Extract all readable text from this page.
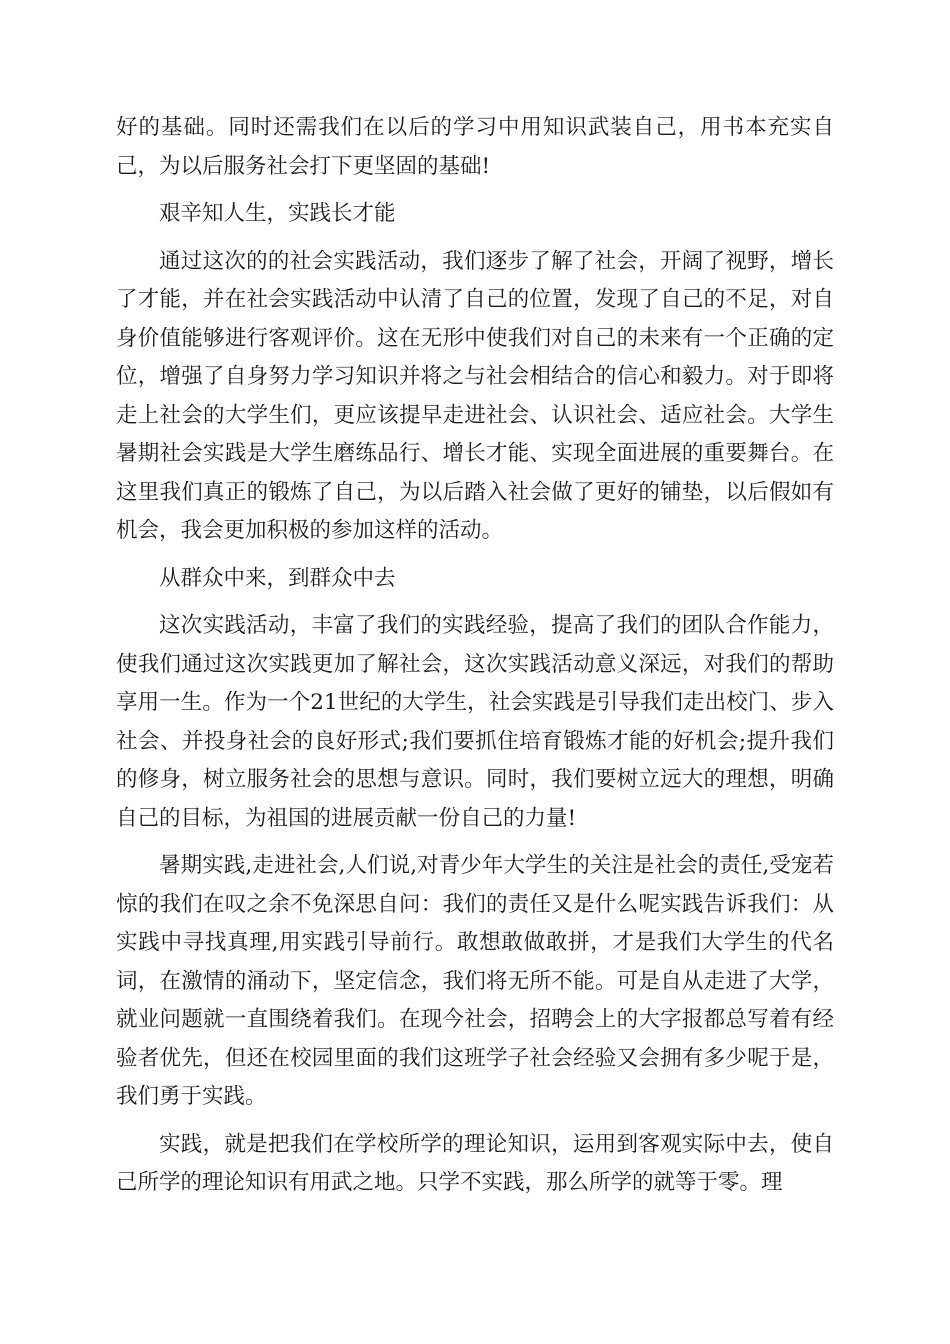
好的基础。同时还需我们在以后的学习中用知识武装自己，用书本充实自己，为以后服务社会打下更坚固的基础!

艰辛知人生，实践长才能

通过这次的的社会实践活动，我们逐步了解了社会，开阔了视野，增长了才能，并在社会实践活动中认清了自己的位置，发现了自己的不足，对自身价值能够进行客观评价。这在无形中使我们对自己的未来有一个正确的定位，增强了自身努力学习知识并将之与社会相结合的信心和毅力。对于即将走上社会的大学生们，更应该提早走进社会、认识社会、适应社会。大学生暑期社会实践是大学生磨练品行、增长才能、实现全面进展的重要舞台。在这里我们真正的锻炼了自己，为以后踏入社会做了更好的铺垫，以后假如有机会，我会更加积极的参加这样的活动。

从群众中来，到群众中去

这次实践活动，丰富了我们的实践经验，提高了我们的团队合作能力，使我们通过这次实践更加了解社会，这次实践活动意义深远，对我们的帮助享用一生。作为一个21世纪的大学生，社会实践是引导我们走出校门、步入社会、并投身社会的良好形式;我们要抓住培育锻炼才能的好机会;提升我们的修身，树立服务社会的思想与意识。同时，我们要树立远大的理想，明确自己的目标，为祖国的进展贡献一份自己的力量!

暑期实践,走进社会,人们说,对青少年大学生的关注是社会的责任,受宠若惊的我们在叹之余不免深思自问：我们的责任又是什么呢实践告诉我们：从实践中寻找真理,用实践引导前行。敢想敢做敢拼，才是我们大学生的代名词，在激情的涌动下，坚定信念，我们将无所不能。可是自从走进了大学，就业问题就一直围绕着我们。在现今社会，招聘会上的大字报都总写着有经验者优先，但还在校园里面的我们这班学子社会经验又会拥有多少呢于是，我们勇于实践。

实践，就是把我们在学校所学的理论知识，运用到客观实际中去，使自己所学的理论知识有用武之地。只学不实践，那么所学的就等于零。理
